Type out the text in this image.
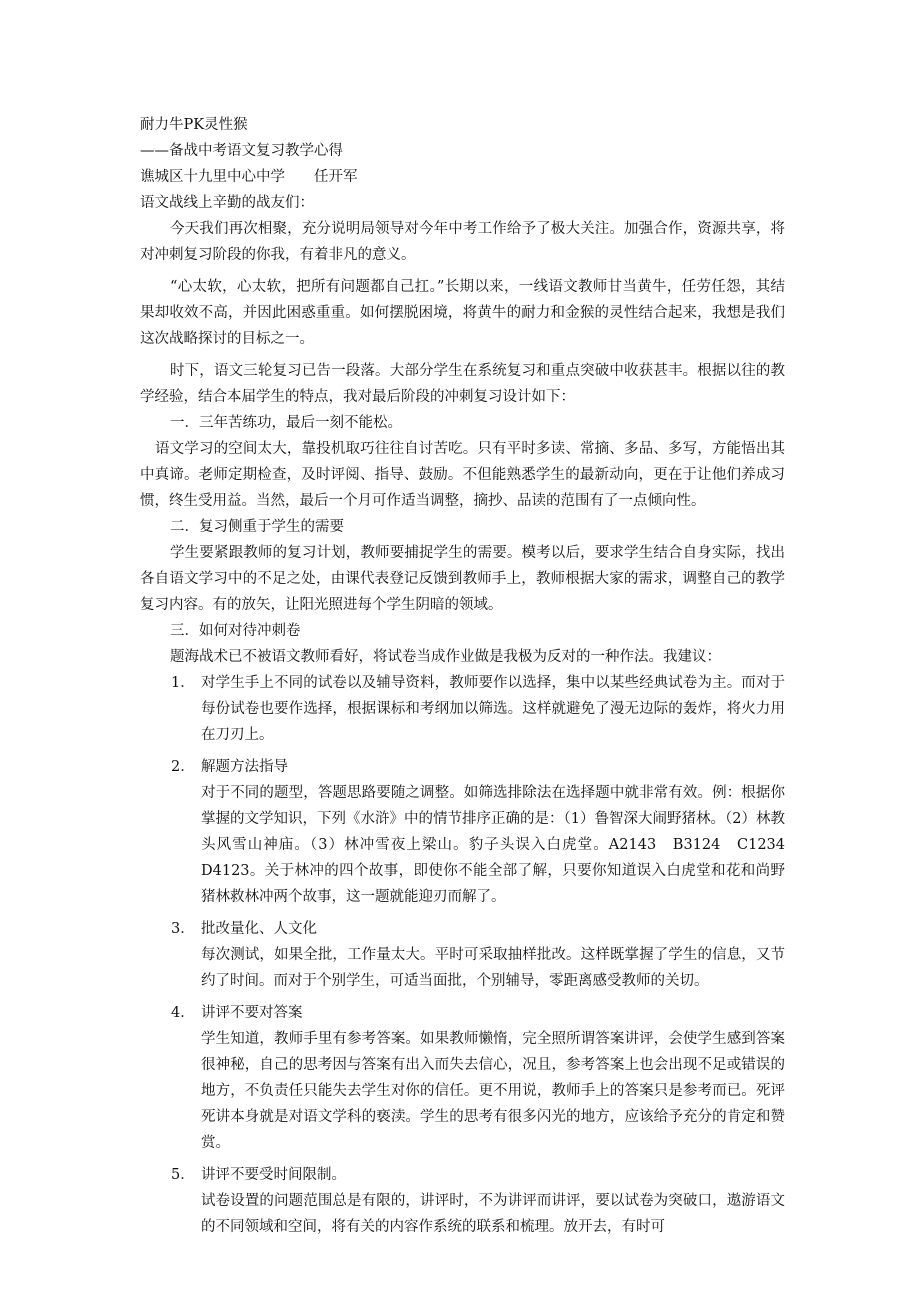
耐力牛PK灵性猴
——备战中考语文复习教学心得
谯城区十九里中心中学　　任开军
语文战线上辛勤的战友们：
今天我们再次相聚，充分说明局领导对今年中考工作给予了极大关注。加强合作，资源共享，将对冲刺复习阶段的你我，有着非凡的意义。
“心太软，心太软，把所有问题都自己扛。”长期以来，一线语文教师甘当黄牛，任劳任怨，其结果却收效不高，并因此困惑重重。如何摆脱困境，将黄牛的耐力和金猴的灵性结合起来，我想是我们这次战略探讨的目标之一。
时下，语文三轮复习已告一段落。大部分学生在系统复习和重点突破中收获甚丰。根据以往的教学经验，结合本届学生的特点，我对最后阶段的冲刺复习设计如下：
一．三年苦练功，最后一刻不能松。
语文学习的空间太大，靠投机取巧往往自讨苦吃。只有平时多读、常摘、多品、多写，方能悟出其中真谛。老师定期检查，及时评阅、指导、鼓励。不但能熟悉学生的最新动向，更在于让他们养成习惯，终生受用益。当然，最后一个月可作适当调整，摘抄、品读的范围有了一点倾向性。
二．复习侧重于学生的需要
学生要紧跟教师的复习计划，教师要捕捉学生的需要。模考以后，要求学生结合自身实际，找出各自语文学习中的不足之处，由课代表登记反馈到教师手上，教师根据大家的需求，调整自己的教学复习内容。有的放矢，让阳光照进每个学生阴暗的领域。
三．如何对待冲刺卷
题海战术已不被语文教师看好，将试卷当成作业做是我极为反对的一种作法。我建议：
1． 对学生手上不同的试卷以及辅导资料，教师要作以选择，集中以某些经典试卷为主。而对于每份试卷也要作选择，根据课标和考纲加以筛选。这样就避免了漫无边际的轰炸，将火力用在刀刃上。
2． 解题方法指导
对于不同的题型，答题思路要随之调整。如筛选排除法在选择题中就非常有效。例：根据你掌握的文学知识，下列《水浒》中的情节排序正确的是：（1）鲁智深大闹野猪林。（2）林教头风雪山神庙。（3）林冲雪夜上梁山。豹子头误入白虎堂。A2143　B3124　C1234　D4123。关于林冲的四个故事，即使你不能全部了解，只要你知道误入白虎堂和花和尚野猪林救林冲两个故事，这一题就能迎刃而解了。
3． 批改量化、人文化
每次测试，如果全批，工作量太大。平时可采取抽样批改。这样既掌握了学生的信息，又节约了时间。而对于个别学生，可适当面批，个别辅导，零距离感受教师的关切。
4． 讲评不要对答案
学生知道，教师手里有参考答案。如果教师懒惰，完全照所谓答案讲评，会使学生感到答案很神秘，自己的思考因与答案有出入而失去信心，况且，参考答案上也会出现不足或错误的地方，不负责任只能失去学生对你的信任。更不用说，教师手上的答案只是参考而已。死评死讲本身就是对语文学科的亵渎。学生的思考有很多闪光的地方，应该给予充分的肯定和赞赏。
5． 讲评不要受时间限制。
试卷设置的问题范围总是有限的，讲评时，不为讲评而讲评，要以试卷为突破口，遨游语文的不同领域和空间，将有关的内容作系统的联系和梳理。放开去，有时可
